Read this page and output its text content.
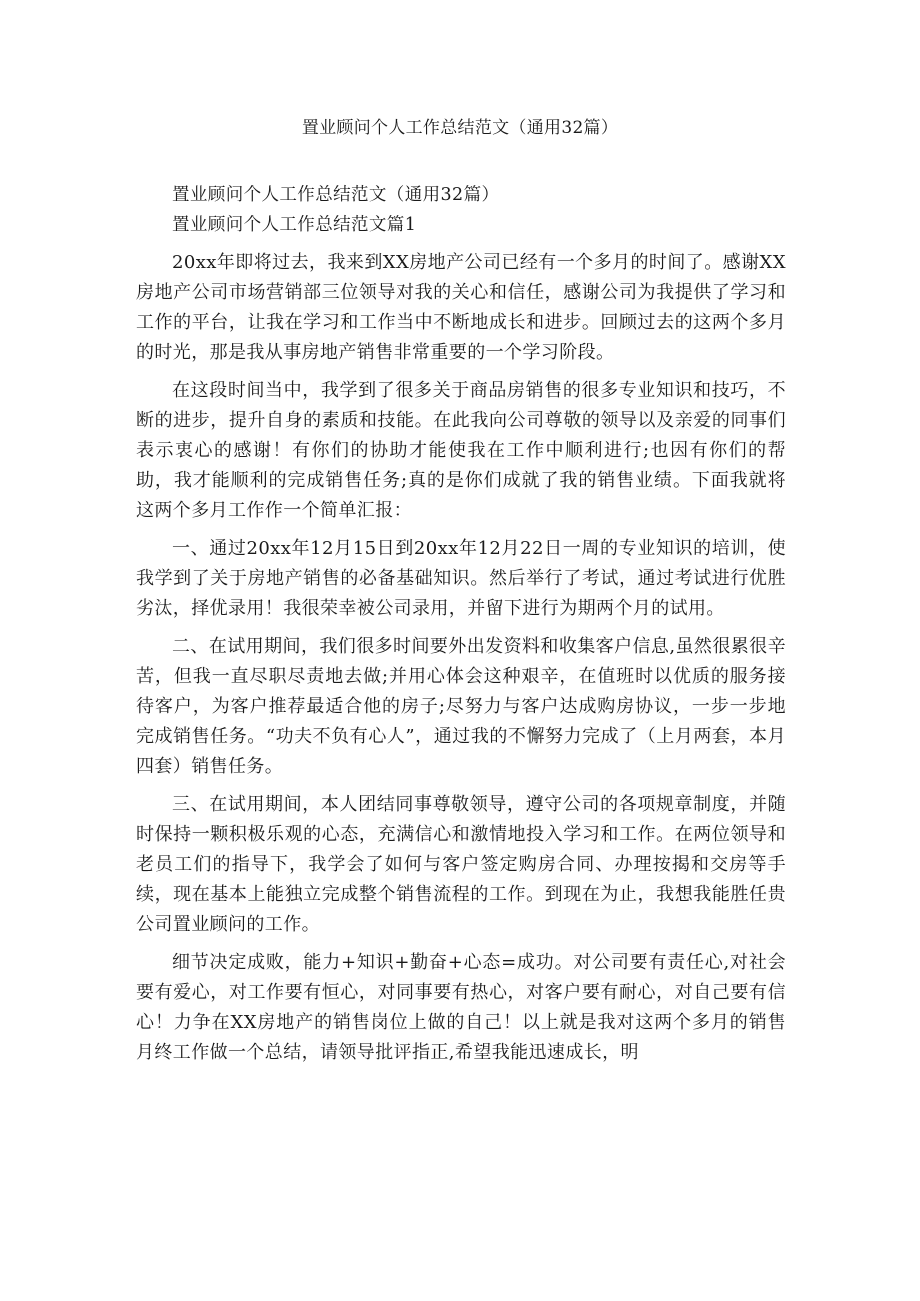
置业顾问个人工作总结范文（通用32篇）

置业顾问个人工作总结范文（通用32篇）

置业顾问个人工作总结范文篇1

20xx年即将过去，我来到XX房地产公司已经有一个多月的时间了。感谢XX房地产公司市场营销部三位领导对我的关心和信任，感谢公司为我提供了学习和工作的平台，让我在学习和工作当中不断地成长和进步。回顾过去的这两个多月的时光，那是我从事房地产销售非常重要的一个学习阶段。

在这段时间当中，我学到了很多关于商品房销售的很多专业知识和技巧，不断的进步，提升自身的素质和技能。在此我向公司尊敬的领导以及亲爱的同事们表示衷心的感谢！有你们的协助才能使我在工作中顺利进行;也因有你们的帮助，我才能顺利的完成销售任务;真的是你们成就了我的销售业绩。下面我就将这两个多月工作作一个简单汇报：

一、通过20xx年12月15日到20xx年12月22日一周的专业知识的培训，使我学到了关于房地产销售的必备基础知识。然后举行了考试，通过考试进行优胜劣汰，择优录用！我很荣幸被公司录用，并留下进行为期两个月的试用。

二、在试用期间，我们很多时间要外出发资料和收集客户信息,虽然很累很辛苦，但我一直尽职尽责地去做;并用心体会这种艰辛，在值班时以优质的服务接待客户，为客户推荐最适合他的房子;尽努力与客户达成购房协议，一步一步地完成销售任务。“功夫不负有心人”，通过我的不懈努力完成了（上月两套，本月四套）销售任务。

三、在试用期间，本人团结同事尊敬领导，遵守公司的各项规章制度，并随时保持一颗积极乐观的心态，充满信心和激情地投入学习和工作。在两位领导和老员工们的指导下，我学会了如何与客户签定购房合同、办理按揭和交房等手续，现在基本上能独立完成整个销售流程的工作。到现在为止，我想我能胜任贵公司置业顾问的工作。

细节决定成败，能力+知识+勤奋+心态=成功。对公司要有责任心,对社会要有爱心，对工作要有恒心，对同事要有热心，对客户要有耐心，对自己要有信心！力争在XX房地产的销售岗位上做的自己！以上就是我对这两个多月的销售月终工作做一个总结，请领导批评指正,希望我能迅速成长，明
